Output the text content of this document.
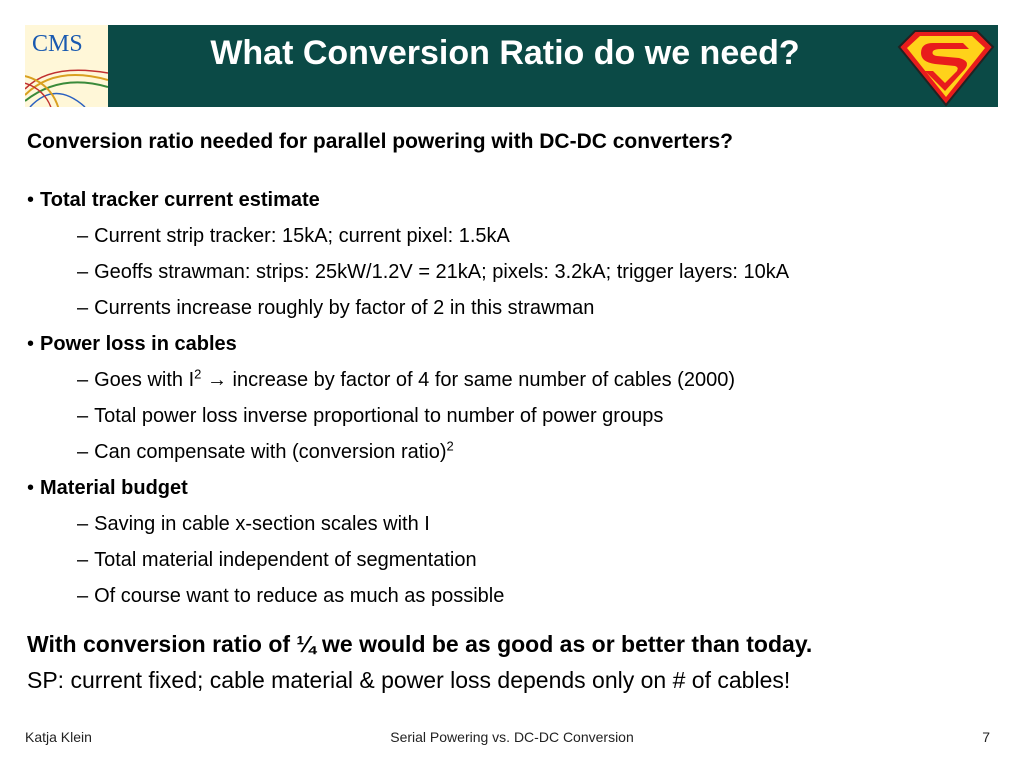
CMS	What Conversion Ratio do we need?
Conversion ratio needed for parallel powering with DC-DC converters?
• Total tracker current estimate
– Current strip tracker: 15kA; current pixel: 1.5kA
– Geoffs strawman: strips: 25kW/1.2V = 21kA; pixels: 3.2kA; trigger layers: 10kA
– Currents increase roughly by factor of 2 in this strawman
• Power loss in cables
– Goes with $I^2$ → increase by factor of 4 for same number of cables (2000)
– Total power loss inverse proportional to number of power groups
– Can compensate with (conversion ratio)$^2$
• Material budget
– Saving in cable x-section scales with I
– Total material independent of segmentation
– Of course want to reduce as much as possible
With conversion ratio of ¼ we would be as good as or better than today.
SP: current fixed; cable material & power loss depends only on # of cables!
Katja Klein	Serial Powering vs. DC-DC Conversion	7
